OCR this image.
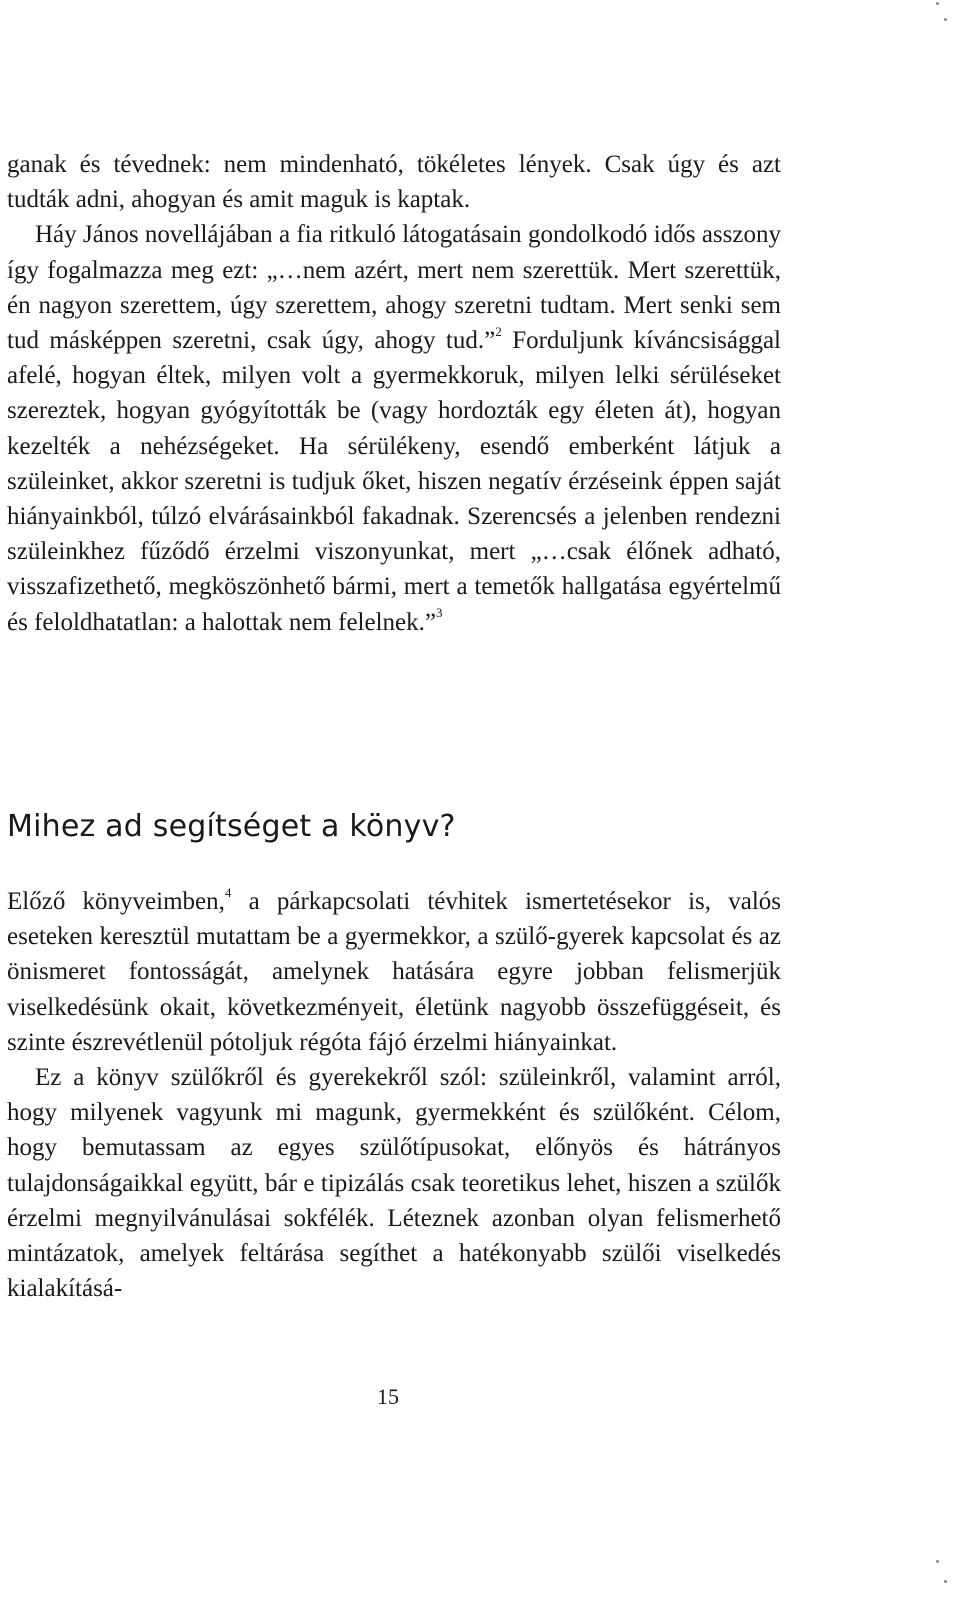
ganak és tévednek: nem mindenható, tökéletes lények. Csak úgy és azt tudták adni, ahogyan és amit maguk is kaptak.

Háy János novellájában a fia ritkuló látogatásain gondolkodó idős asszony így fogalmazza meg ezt: „…nem azért, mert nem szerettük. Mert szerettük, én nagyon szerettem, úgy szerettem, ahogy szeretni tudtam. Mert senki sem tud másképpen szeretni, csak úgy, ahogy tud.”$^2$ Forduljunk kíváncsisággal afelé, hogyan éltek, milyen volt a gyermekkoruk, milyen lelki sérüléseket szereztek, hogyan gyógyították be (vagy hordozták egy életen át), hogyan kezelték a nehézségeket. Ha sérülékeny, esendő emberként látjuk a szüleinket, akkor szeretni is tudjuk őket, hiszen negatív érzéseink éppen saját hiányainkból, túlzó elvárásainkból fakadnak. Szerencsés a jelenben rendezni szüleinkhez fűződő érzelmi viszonyunkat, mert „…csak élőnek adható, visszafizethető, megköszönhető bármi, mert a temetők hallgatása egyértelmű és feloldhatatlan: a halottak nem felelnek.”$^3$

Mihez ad segítséget a könyv?

Előző könyveimben,$^4$ a párkapcsolati tévhitek ismertetésekor is, valós eseteken keresztül mutattam be a gyermekkor, a szülő-gyerek kapcsolat és az önismeret fontosságát, amelynek hatására egyre jobban felismerjük viselkedésünk okait, következményeit, életünk nagyobb összefüggéseit, és szinte észrevétlenül pótoljuk régóta fájó érzelmi hiányainkat.

Ez a könyv szülőkről és gyerekekről szól: szüleinkről, valamint arról, hogy milyenek vagyunk mi magunk, gyermekként és szülőként. Célom, hogy bemutassam az egyes szülőtípusokat, előnyös és hátrányos tulajdonságaikkal együtt, bár e tipizálás csak teoretikus lehet, hiszen a szülők érzelmi megnyilvánulásai sokfélék. Léteznek azonban olyan felismerhető mintázatok, amelyek feltárása segíthet a hatékonyabb szülői viselkedés kialakításá-

15
